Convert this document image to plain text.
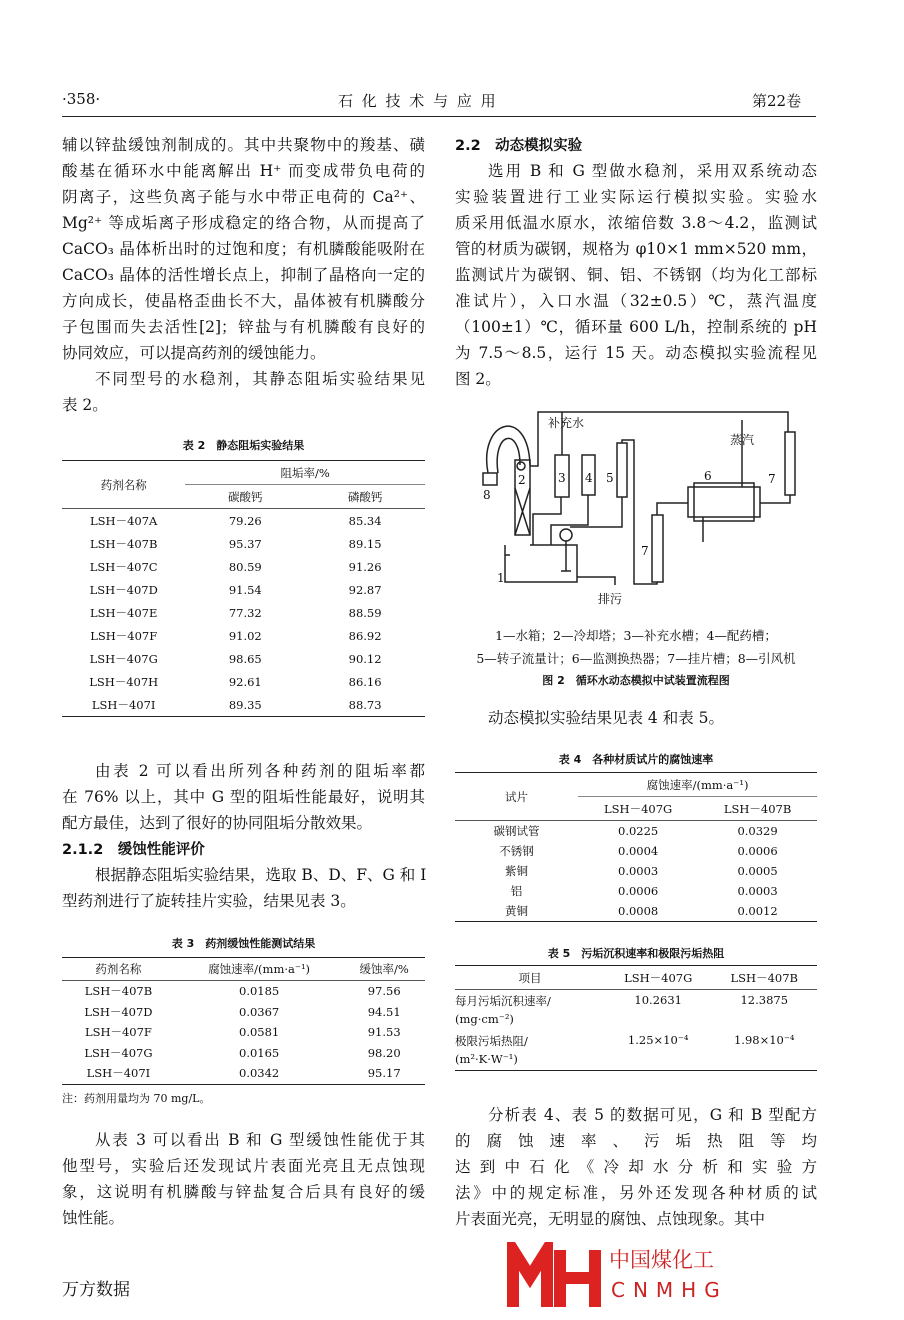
·358·	石 化 技 术 与 应 用	第22卷
辅以锌盐缓蚀剂制成的。其中共聚物中的羧基、磺
酸基在循环水中能离解出 H⁺ 而变成带负电荷的
阴离子，这些负离子能与水中带正电荷的 Ca²⁺、
Mg²⁺ 等成垢离子形成稳定的络合物，从而提高了
CaCO₃ 晶体析出时的过饱和度；有机膦酸能吸附在
CaCO₃ 晶体的活性增长点上，抑制了晶格向一定的
方向成长，使晶格歪曲长不大，晶体被有机膦酸分
子包围而失去活性[2]；锌盐与有机膦酸有良好的
协同效应，可以提高药剂的缓蚀能力。
不同型号的水稳剂，其静态阻垢实验结果见
表 2。
表 2　静态阻垢实验结果
药剂名称	阻垢率/%	
	碳酸钙	磷酸钙
LSH－407A	79.26	85.34
LSH－407B	95.37	89.15
LSH－407C	80.59	91.26
LSH－407D	91.54	92.87
LSH－407E	77.32	88.59
LSH－407F	91.02	86.92
LSH－407G	98.65	90.12
LSH－407H	92.61	86.16
LSH－407I	89.35	88.73
由表 2 可以看出所列各种药剂的阻垢率都
在 76% 以上，其中 G 型的阻垢性能最好，说明其
配方最佳，达到了很好的协同阻垢分散效果。
2.1.2　缓蚀性能评价
根据静态阻垢实验结果，选取 B、D、F、G 和 I
型药剂进行了旋转挂片实验，结果见表 3。
表 3　药剂缓蚀性能测试结果
药剂名称	腐蚀速率/(mm·a⁻¹)	缓蚀率/%
LSH－407B	0.0185	97.56
LSH－407D	0.0367	94.51
LSH－407F	0.0581	91.53
LSH－407G	0.0165	98.20
LSH－407I	0.0342	95.17
注：药剂用量均为 70 mg/L。
从表 3 可以看出 B 和 G 型缓蚀性能优于其
他型号，实验后还发现试片表面光亮且无点蚀现
象，这说明有机膦酸与锌盐复合后具有良好的缓
蚀性能。
万方数据
2.2　动态模拟实验
选用 B 和 G 型做水稳剂，采用双系统动态
实验装置进行工业实际运行模拟实验。实验水
质采用低温水原水，浓缩倍数 3.8～4.2，监测试
管的材质为碳钢，规格为 φ10×1 mm×520 mm，
监测试片为碳钢、铜、铝、不锈钢（均为化工部标
准试片），入口水温（32±0.5）℃，蒸汽温度
（100±1）℃，循环量 600 L/h，控制系统的 pH
为 7.5～8.5，运行 15 天。动态模拟实验流程见
图 2。
补充水
蒸汽
排污
1
2	3 4 5	6	7
7
8
1—水箱；2—冷却塔；3—补充水槽；4—配药槽；
5—转子流量计；6—监测换热器；7—挂片槽；8—引风机
图 2　循环水动态模拟中试装置流程图
动态模拟实验结果见表 4 和表 5。
表 4　各种材质试片的腐蚀速率
试片	腐蚀速率/(mm·a⁻¹)	
	LSH－407G	LSH－407B
碳钢试管	0.0225	0.0329
不锈钢	0.0004	0.0006
紫铜	0.0003	0.0005
铝	0.0006	0.0003
黄铜	0.0008	0.0012
表 5　污垢沉积速率和极限污垢热阻
项目	LSH－407G	LSH－407B

每月污垢沉积速率/
(mg·cm⁻²)	10.2631	12.3875

极限污垢热阻/
(m²·K·W⁻¹)	1.25×10⁻⁴	1.98×10⁻⁴
分析表 4、表 5 的数据可见，G 和 B 型配方
的腐蚀速率、污垢热阻等均
达到中石化《冷却水分析和实验方
法》中的规定标准，另外还发现各种材质的试
片表面光亮，无明显的腐蚀、点蚀现象。其中
中国煤化工
CNMHG
